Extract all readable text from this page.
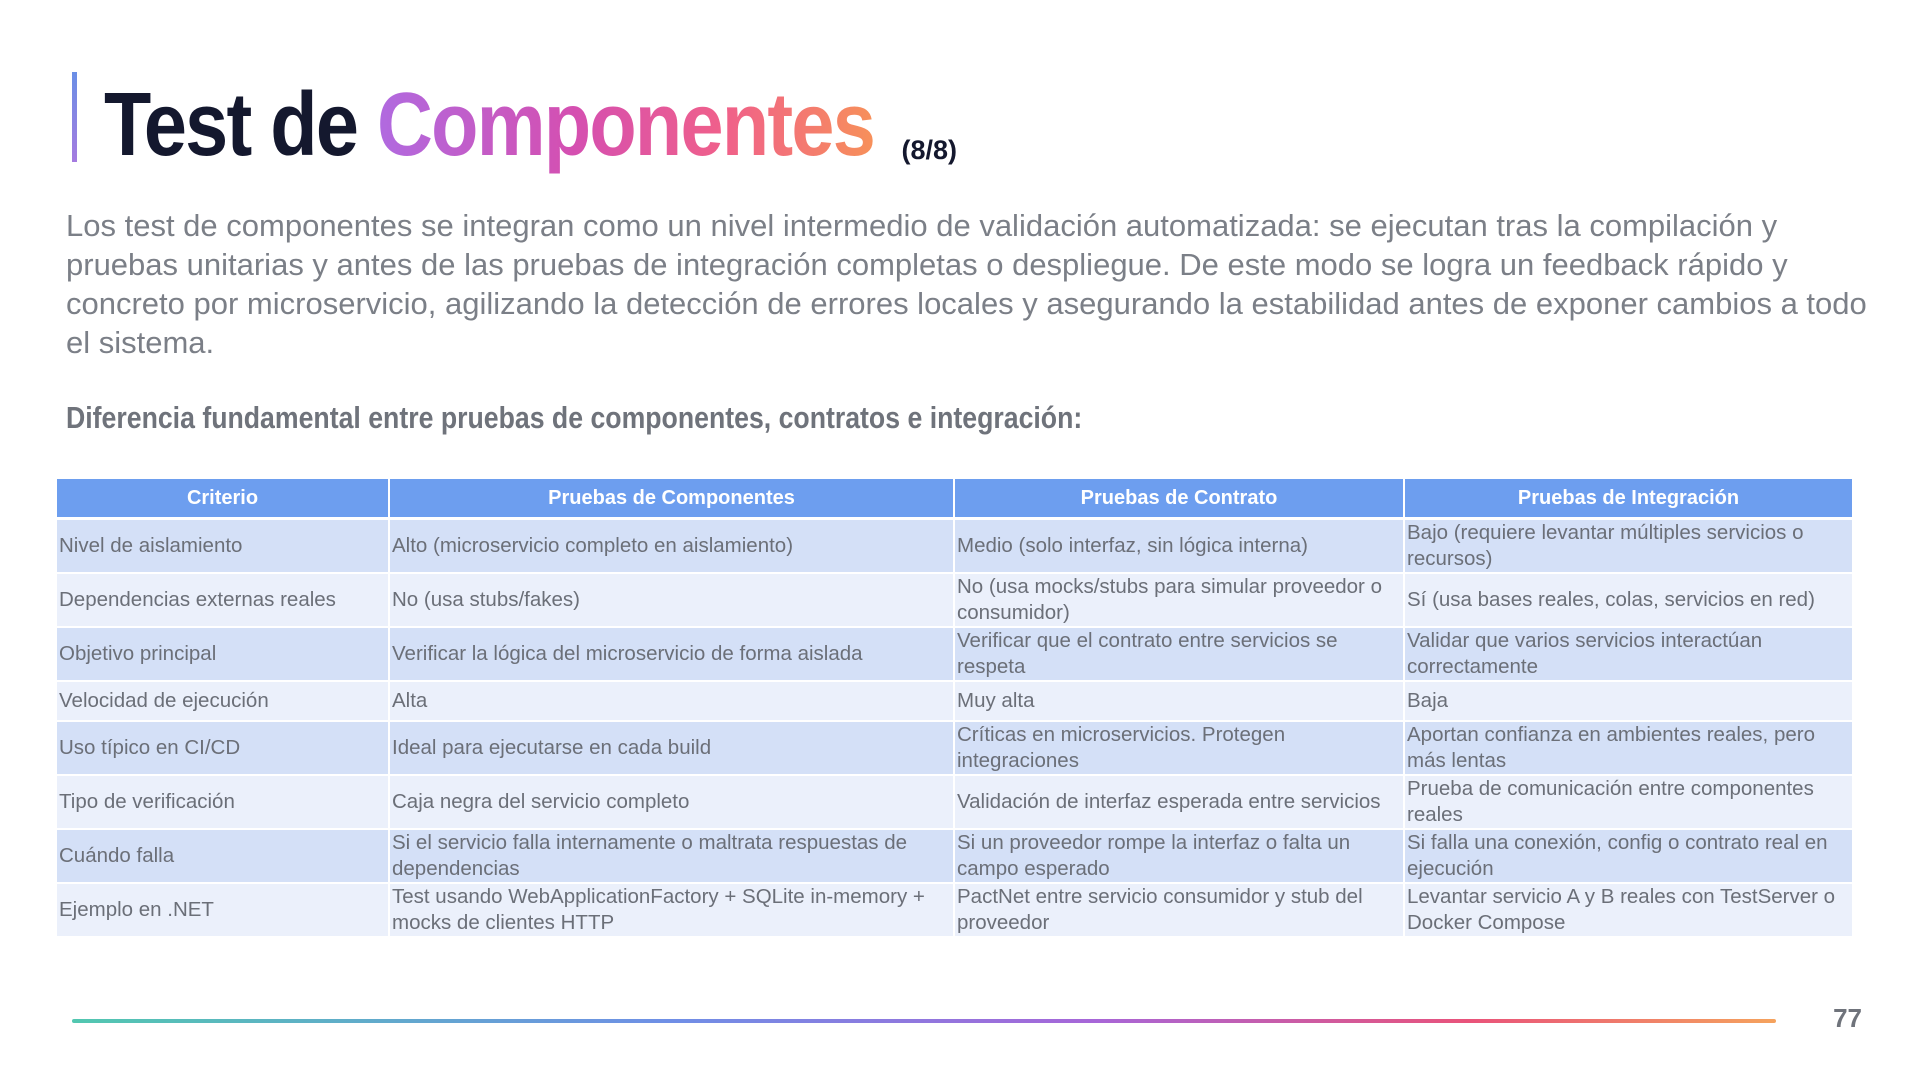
Test de Componentes (8/8)
Los test de componentes se integran como un nivel intermedio de validación automatizada: se ejecutan tras la compilación y pruebas unitarias y antes de las pruebas de integración completas o despliegue. De este modo se logra un feedback rápido y concreto por microservicio, agilizando la detección de errores locales y asegurando la estabilidad antes de exponer cambios a todo el sistema.
Diferencia fundamental entre pruebas de componentes, contratos e integración:
Criterio	Pruebas de Componentes	Pruebas de Contrato	Pruebas de Integración
Nivel de aislamiento	Alto (microservicio completo en aislamiento)	Medio (solo interfaz, sin lógica interna)	Bajo (requiere levantar múltiples servicios o recursos)
Dependencias externas reales	No (usa stubs/fakes)	No (usa mocks/stubs para simular proveedor o consumidor)	Sí (usa bases reales, colas, servicios en red)
Objetivo principal	Verificar la lógica del microservicio de forma aislada	Verificar que el contrato entre servicios se respeta	Validar que varios servicios interactúan correctamente
Velocidad de ejecución	Alta	Muy alta	Baja
Uso típico en CI/CD	Ideal para ejecutarse en cada build	Críticas en microservicios. Protegen integraciones	Aportan confianza en ambientes reales, pero más lentas
Tipo de verificación	Caja negra del servicio completo	Validación de interfaz esperada entre servicios	Prueba de comunicación entre componentes reales
Cuándo falla	Si el servicio falla internamente o maltrata respuestas de dependencias	Si un proveedor rompe la interfaz o falta un campo esperado	Si falla una conexión, config o contrato real en ejecución
Ejemplo en .NET	Test usando WebApplicationFactory + SQLite in-memory + mocks de clientes HTTP	PactNet entre servicio consumidor y stub del proveedor	Levantar servicio A y B reales con TestServer o Docker Compose
77
